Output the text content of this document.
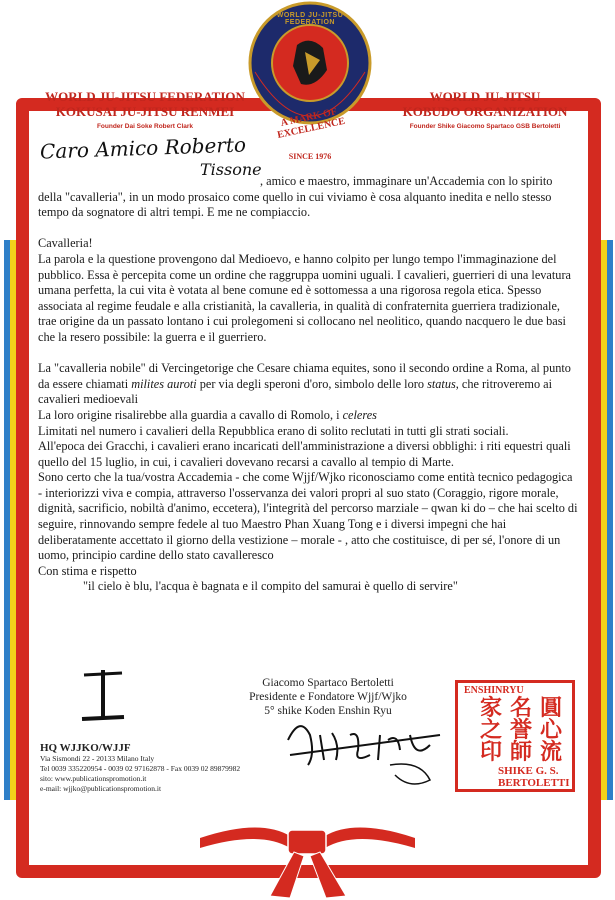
WORLD JU-JITSU FEDERATION
A MARK OF EXCELLENCE
SINCE 1976
WORLD JU-JITSU FEDERATION
KOKUSAI JU-JITSU RENMEI
Founder Dai Soke Robert Clark
WORLD JU-JITSU
KOBUDO ORGANIZATION
Founder Shike Giacomo Spartaco GSB Bertoletti
Caro Amico Roberto
Tissone

, amico e maestro, immaginare un'Accademia con lo spirito della "cavalleria", in un modo prosaico come quello in cui viviamo è cosa alquanto inedita e nello stesso tempo da sognatore di altri tempi. E me ne compiaccio.

Cavalleria!

La parola e la questione provengono dal Medioevo, e hanno colpito per lungo tempo l'immaginazione del pubblico. Essa è percepita come un ordine che raggruppa uomini uguali. I cavalieri, guerrieri di una levatura umana perfetta, la cui vita è votata al bene comune ed è sottomessa a una rigorosa regola etica. Spesso associata al regime feudale e alla cristianità, la cavalleria, in qualità di confraternita guerriera tradizionale, trae origine da un passato lontano i cui prolegomeni si collocano nel neolitico, quando nacquero le due basi che la resero possibile: la guerra e il guerriero.

La "cavalleria nobile" di Vercingetorige che Cesare chiama equites, sono il secondo ordine a Roma, al punto da essere chiamati milites auroti per via degli speroni d'oro, simbolo delle loro status, che ritroveremo ai cavalieri medioevali

La loro origine risalirebbe alla guardia a cavallo di Romolo, i celeres

Limitati nel numero i cavalieri della Repubblica erano di solito reclutati in tutti gli strati sociali.

All'epoca dei Gracchi, i cavalieri erano incaricati dell'amministrazione a diversi obblighi: i riti equestri quali quello del 15 luglio, in cui, i cavalieri dovevano recarsi a cavallo al tempio di Marte.

Sono certo che la tua/vostra Accademia - che come Wjjf/Wjko riconosciamo come entità tecnico pedagogica - interiorizzi viva e compia, attraverso l'osservanza dei valori propri al suo stato (Coraggio, rigore morale, dignità, sacrificio, nobiltà d'animo, eccetera), l'integrità del percorso marziale – qwan ki do – che hai scelto di seguire, rinnovando sempre fedele al tuo Maestro Phan Xuang Tong e i diversi impegni che hai deliberatamente accettato il giorno della vestizione – morale - , atto che costituisce, di per sé, l'onore di un uomo, principio cardine dello stato cavalleresco

Con stima e rispetto

"il cielo è blu, l'acqua è bagnata e il compito del samurai è quello di servire"

Giacomo Spartaco Bertoletti
Presidente e Fondatore Wjjf/Wjko
5° shike Koden Enshin Ryu
HQ WJJKO/WJJF
Via Sismondi 22 - 20133 Milano Italy
Tel 0039 335220954 - 0039 02 97162878 - Fax 0039 02 89879982
sito: www.publicationspromotion.it
e-mail: wjjko@publicationspromotion.it
ENSHINRYU
圓
心
流
名
誉
師
家
之
印
SHIKE G. S.
BERTOLETTI
